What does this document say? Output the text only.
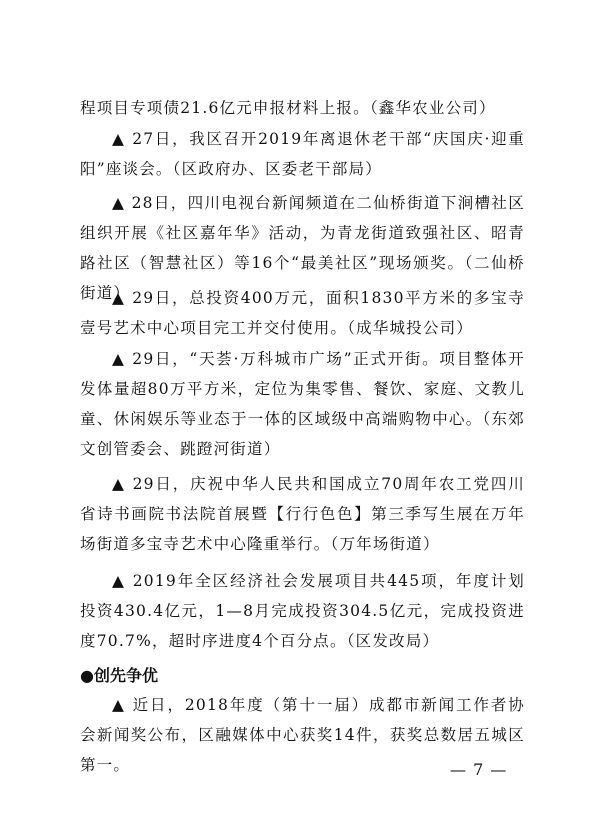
程项目专项债21.6亿元申报材料上报。（鑫华农业公司）

▲ 27日，我区召开2019年离退休老干部“庆国庆·迎重阳”座谈会。（区政府办、区委老干部局）

▲ 28日，四川电视台新闻频道在二仙桥街道下涧槽社区组织开展《社区嘉年华》活动，为青龙街道致强社区、昭青路社区（智慧社区）等16个“最美社区”现场颁奖。（二仙桥街道）

▲ 29日，总投资400万元，面积1830平方米的多宝寺壹号艺术中心项目完工并交付使用。（成华城投公司）

▲ 29日，“天荟·万科城市广场”正式开街。项目整体开发体量超80万平方米，定位为集零售、餐饮、家庭、文教儿童、休闲娱乐等业态于一体的区域级中高端购物中心。（东郊文创管委会、跳蹬河街道）

▲ 29日，庆祝中华人民共和国成立70周年农工党四川省诗书画院书法院首展暨【行行色色】第三季写生展在万年场街道多宝寺艺术中心隆重举行。（万年场街道）

▲ 2019年全区经济社会发展项目共445项，年度计划投资430.4亿元，1—8月完成投资304.5亿元，完成投资进度70.7%，超时序进度4个百分点。（区发改局）

●创先争优

▲ 近日，2018年度（第十一届）成都市新闻工作者协会新闻奖公布，区融媒体中心获奖14件，获奖总数居五城区第一。	— 7 —
